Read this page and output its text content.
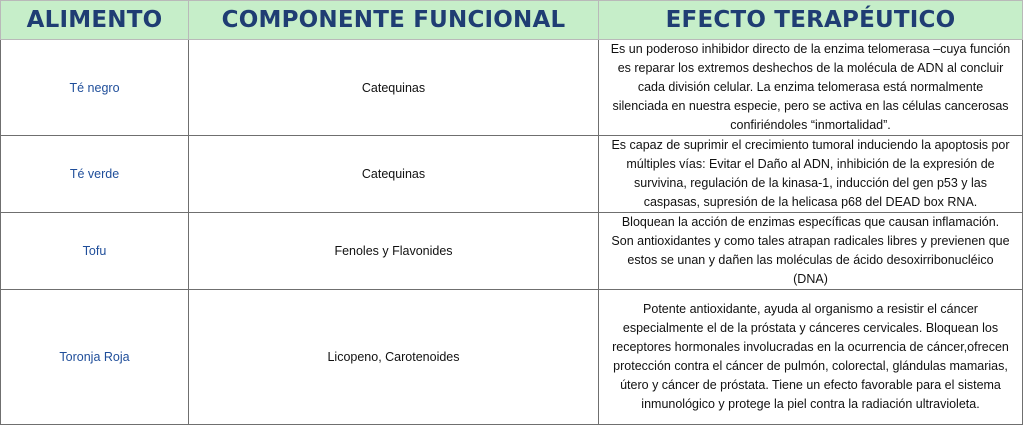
ALIMENTO	COMPONENTE FUNCIONAL	EFECTO TERAPÉUTICO
Té negro	Catequinas	Es un poderoso inhibidor directo de la enzima telomerasa –cuya función es reparar los extremos deshechos de la molécula de ADN al concluir cada división celular. La enzima telomerasa está normalmente silenciada en nuestra especie, pero se activa en las células cancerosas confiriéndoles “inmortalidad”.
Té verde	Catequinas	Es capaz de suprimir el crecimiento tumoral induciendo la apoptosis por múltiples vías: Evitar el Daño al ADN, inhibición de la expresión de survivina, regulación de la kinasa-1, inducción del gen p53 y las caspasas, supresión de la helicasa p68 del DEAD box RNA.
Tofu	Fenoles y Flavonides	Bloquean la acción de enzimas específicas que causan inflamación. Son antioxidantes y como tales atrapan radicales libres y previenen que estos se unan y dañen las moléculas de ácido desoxirribonucléico (DNA)
Toronja Roja	Licopeno, Carotenoides	Potente antioxidante, ayuda al organismo a resistir el cáncer especialmente el de la próstata y cánceres cervicales. Bloquean los receptores hormonales involucradas en la ocurrencia de cáncer,ofrecen protección contra el cáncer de pulmón, colorectal, glándulas mamarias, útero y cáncer de próstata. Tiene un efecto favorable para el sistema inmunológico y protege la piel contra la radiación ultravioleta.
